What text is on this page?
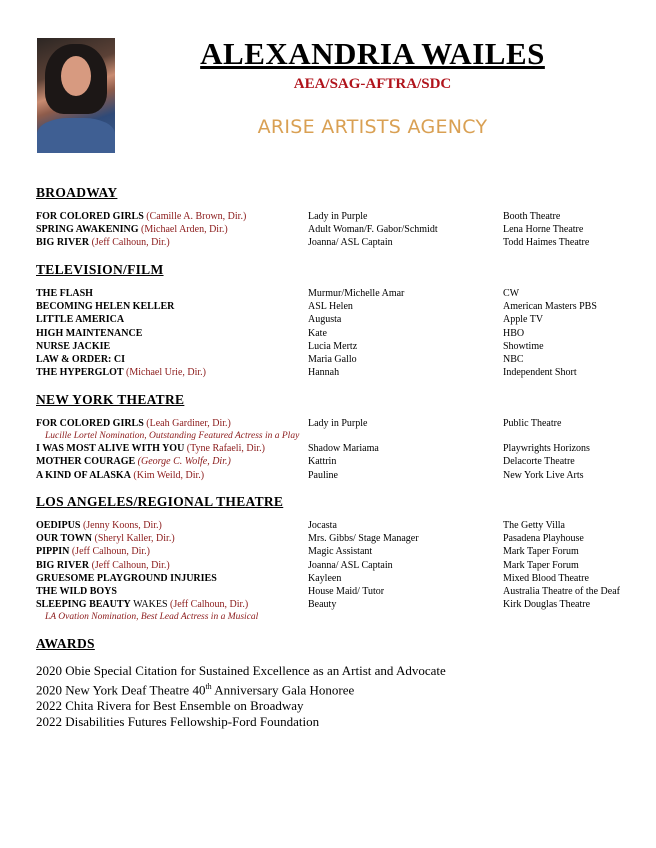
ALEXANDRIA WAILES
AEA/SAG-AFTRA/SDC
ARISE ARTISTS AGENCY
BROADWAY
FOR COLORED GIRLS (Camille A. Brown, Dir.)	Lady in Purple	Booth Theatre
SPRING AWAKENING (Michael Arden, Dir.)	Adult Woman/F. Gabor/Schmidt	Lena Horne Theatre
BIG RIVER (Jeff Calhoun, Dir.)	Joanna/ ASL Captain	Todd Haimes Theatre
TELEVISION/FILM
THE FLASH	Murmur/Michelle Amar	CW
BECOMING HELEN KELLER	ASL Helen	American Masters PBS
LITTLE AMERICA	Augusta	Apple TV
HIGH MAINTENANCE	Kate	HBO
NURSE JACKIE	Lucia Mertz	Showtime
LAW & ORDER: CI	Maria Gallo	NBC
THE HYPERGLOT (Michael Urie, Dir.)	Hannah	Independent Short
NEW YORK THEATRE
FOR COLORED GIRLS (Leah Gardiner, Dir.)	Lady in Purple	Public Theatre
Lucille Lortel Nomination, Outstanding Featured Actress in a Play
I WAS MOST ALIVE WITH YOU (Tyne Rafaeli, Dir.)	Shadow Mariama	Playwrights Horizons
MOTHER COURAGE (George C. Wolfe, Dir.)	Kattrin	Delacorte Theatre
A KIND OF ALASKA (Kim Weild, Dir.)	Pauline	New York Live Arts
LOS ANGELES/REGIONAL THEATRE
OEDIPUS (Jenny Koons, Dir.)	Jocasta	The Getty Villa
OUR TOWN (Sheryl Kaller, Dir.)	Mrs. Gibbs/ Stage Manager	Pasadena Playhouse
PIPPIN (Jeff Calhoun, Dir.)	Magic Assistant	Mark Taper Forum
BIG RIVER (Jeff Calhoun, Dir.)	Joanna/ ASL Captain	Mark Taper Forum
GRUESOME PLAYGROUND INJURIES	Kayleen	Mixed Blood Theatre
THE WILD BOYS	House Maid/ Tutor	Australia Theatre of the Deaf
SLEEPING BEAUTY WAKES (Jeff Calhoun, Dir.)	Beauty	Kirk Douglas Theatre
LA Ovation Nomination, Best Lead Actress in a Musical
AWARDS
2020 Obie Special Citation for Sustained Excellence as an Artist and Advocate
2020 New York Deaf Theatre 40th Anniversary Gala Honoree
2022 Chita Rivera for Best Ensemble on Broadway
2022 Disabilities Futures Fellowship-Ford Foundation
